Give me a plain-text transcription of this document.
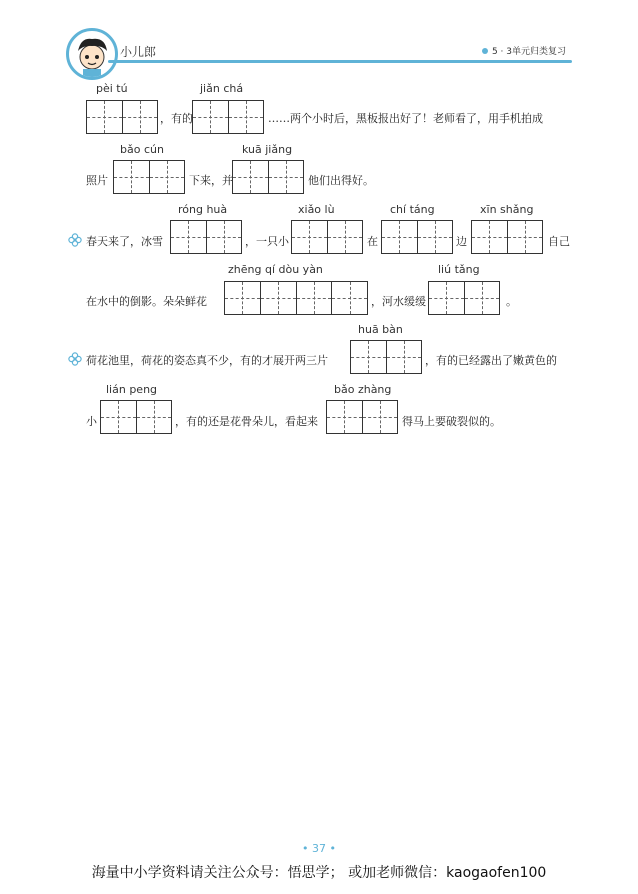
小儿郎	5 · 3单元归类复习
pèi tú
，有的
jiǎn chá
……两个小时后，黑板报出好了！老师看了，用手机拍成
照片
bǎo cún
下来，并
kuā jiǎng
他们出得好。
春天来了，冰雪
róng huà
，一只小
xiǎo lù
在
chí táng
边
xīn shǎng
自己
在水中的倒影。朵朵鲜花
zhēng qí dòu yàn
，河水缓缓
liú tǎng
。
荷花池里，荷花的姿态真不少，有的才展开两三片
huā bàn
，有的已经露出了嫩黄色的
小
lián peng
，有的还是花骨朵儿，看起来
bǎo zhàng
得马上要破裂似的。
• 37 •
海量中小学资料请关注公众号：悟思学； 或加老师微信：kaogaofen100
